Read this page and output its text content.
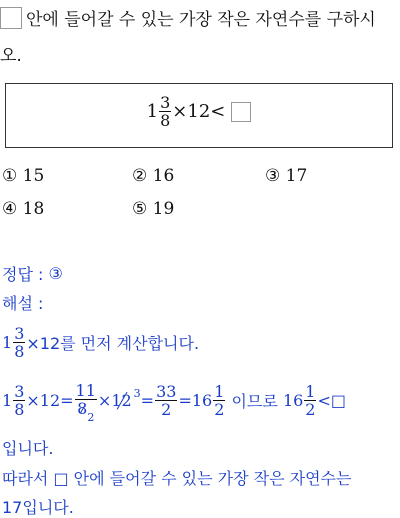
안에 들어갈 수 있는 가장 작은 자연수를 구하시
오.
$1 \frac{3}{8} \times 12<$
① 15	② 16	③ 17
④ 18	⑤ 19
정답 :
③
해설 :
$1 \frac{3}{8} \times 12$를 먼저 계산합니다.
$1 \frac{3}{8} \times 12= \frac{11}{8_2} \times 12$ $3 = \frac{33}{2} = 16 \frac{1}{2}$ 이므로 $16 \frac{1}{2}$ < □
입니다.
따라서 □ 안에 들어갈 수 있는 가장 작은 자연수는
17입니다.
